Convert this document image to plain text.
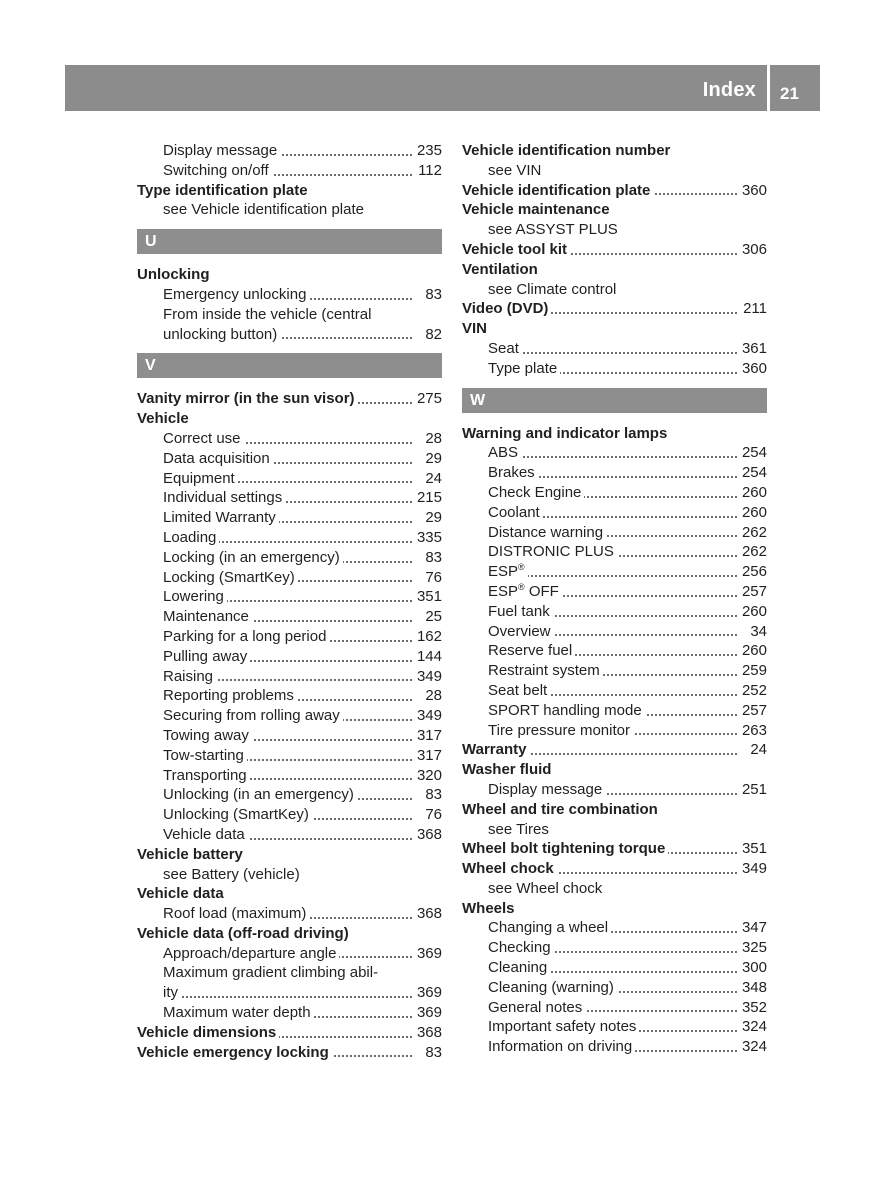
Index 21
Display message	235
Switching on/off	112
Type identification plate
see Vehicle identification plate
U
Unlocking
Emergency unlocking	83
From inside the vehicle (central
unlocking button)	82
V
Vanity mirror (in the sun visor)	275
Vehicle
Correct use	28
Data acquisition	29
Equipment	24
Individual settings	215
Limited Warranty	29
Loading	335
Locking (in an emergency)	83
Locking (SmartKey)	76
Lowering	351
Maintenance	25
Parking for a long period	162
Pulling away	144
Raising	349
Reporting problems	28
Securing from rolling away	349
Towing away	317
Tow-starting	317
Transporting	320
Unlocking (in an emergency)	83
Unlocking (SmartKey)	76
Vehicle data	368
Vehicle battery
see Battery (vehicle)
Vehicle data
Roof load (maximum)	368
Vehicle data (off-road driving)
Approach/departure angle	369
Maximum gradient climbing abil-
ity	369
Maximum water depth	369
Vehicle dimensions	368
Vehicle emergency locking	83
Vehicle identification number
see VIN
Vehicle identification plate	360
Vehicle maintenance
see ASSYST PLUS
Vehicle tool kit	306
Ventilation
see Climate control
Video (DVD)	211
VIN
Seat	361
Type plate	360
W
Warning and indicator lamps
ABS	254
Brakes	254
Check Engine	260
Coolant	260
Distance warning	262
DISTRONIC PLUS	262
ESP®	256
ESP® OFF	257
Fuel tank	260
Overview	34
Reserve fuel	260
Restraint system	259
Seat belt	252
SPORT handling mode	257
Tire pressure monitor	263
Warranty	24
Washer fluid
Display message	251
Wheel and tire combination
see Tires
Wheel bolt tightening torque	351
Wheel chock	349
see Wheel chock
Wheels
Changing a wheel	347
Checking	325
Cleaning	300
Cleaning (warning)	348
General notes	352
Important safety notes	324
Information on driving	324
